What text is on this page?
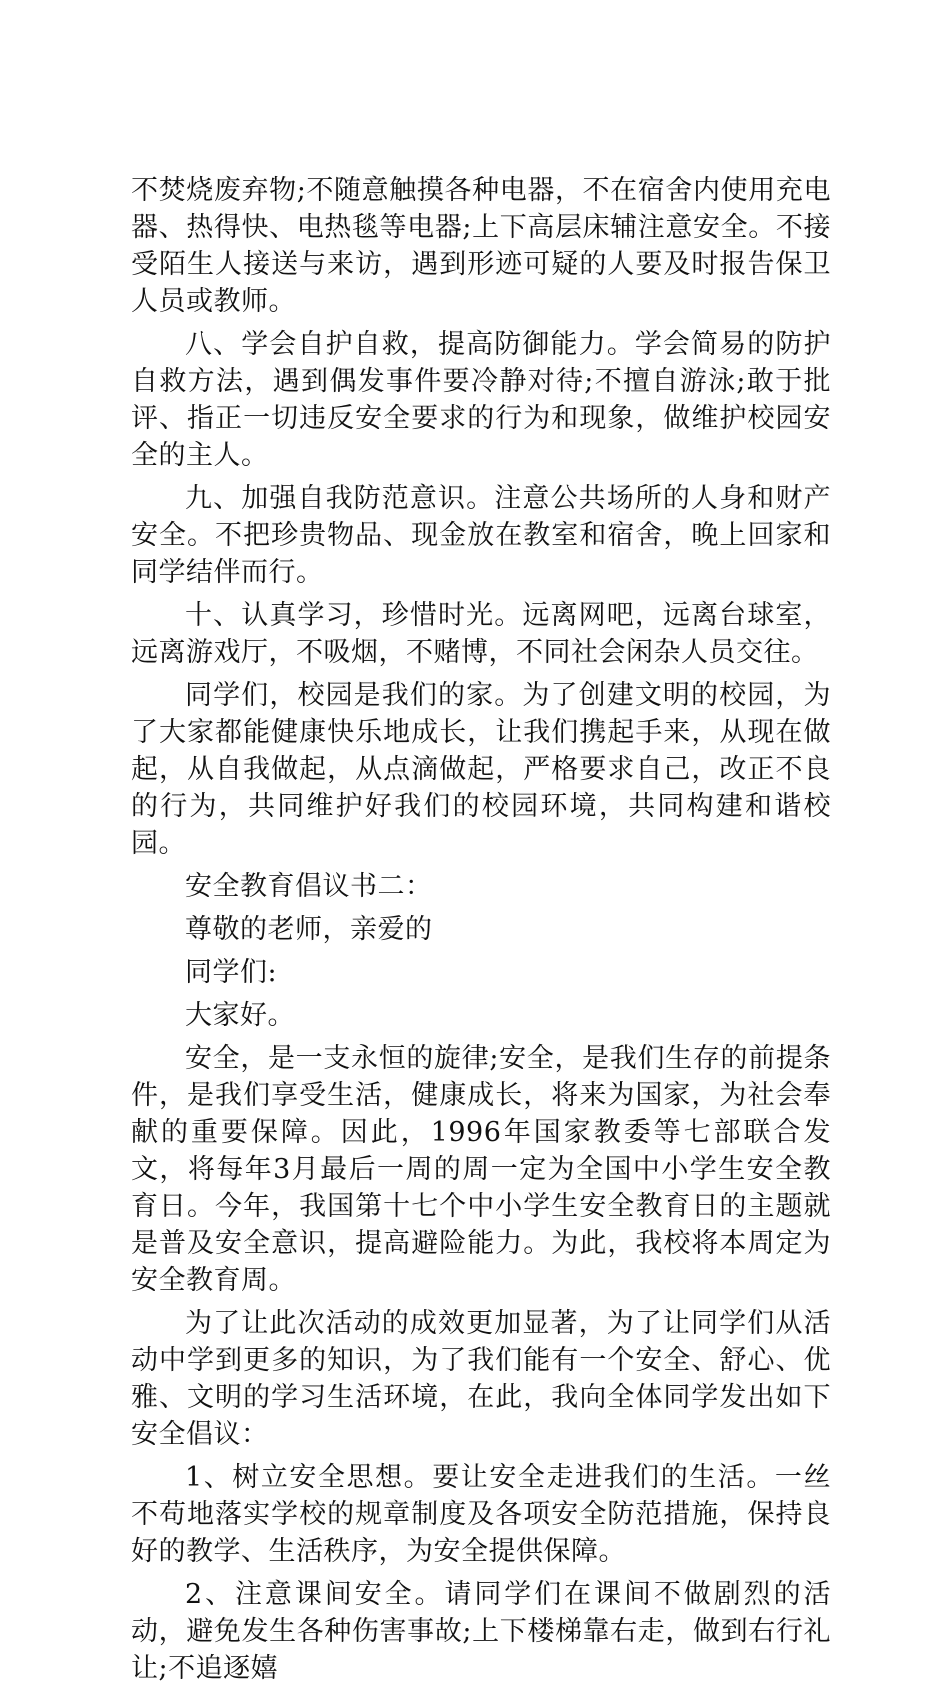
不焚烧废弃物;不随意触摸各种电器，不在宿舍内使用充电器、热得快、电热毯等电器;上下高层床辅注意安全。不接受陌生人接送与来访，遇到形迹可疑的人要及时报告保卫人员或教师。

八、学会自护自救，提高防御能力。学会简易的防护自救方法，遇到偶发事件要冷静对待;不擅自游泳;敢于批评、指正一切违反安全要求的行为和现象，做维护校园安全的主人。

九、加强自我防范意识。注意公共场所的人身和财产安全。不把珍贵物品、现金放在教室和宿舍，晚上回家和同学结伴而行。

十、认真学习，珍惜时光。远离网吧，远离台球室，远离游戏厅，不吸烟，不赌博，不同社会闲杂人员交往。

同学们，校园是我们的家。为了创建文明的校园，为了大家都能健康快乐地成长，让我们携起手来，从现在做起，从自我做起，从点滴做起，严格要求自己，改正不良的行为，共同维护好我们的校园环境，共同构建和谐校园。

安全教育倡议书二：

尊敬的老师，亲爱的

同学们:

大家好。

安全，是一支永恒的旋律;安全，是我们生存的前提条件，是我们享受生活，健康成长，将来为国家，为社会奉献的重要保障。因此，1996年国家教委等七部联合发文，将每年3月最后一周的周一定为全国中小学生安全教育日。今年，我国第十七个中小学生安全教育日的主题就是普及安全意识，提高避险能力。为此，我校将本周定为安全教育周。

为了让此次活动的成效更加显著，为了让同学们从活动中学到更多的知识，为了我们能有一个安全、舒心、优雅、文明的学习生活环境，在此，我向全体同学发出如下安全倡议：

1、树立安全思想。要让安全走进我们的生活。一丝不苟地落实学校的规章制度及各项安全防范措施，保持良好的教学、生活秩序，为安全提供保障。

2、注意课间安全。请同学们在课间不做剧烈的活动，避免发生各种伤害事故;上下楼梯靠右走，做到右行礼让;不追逐嬉
